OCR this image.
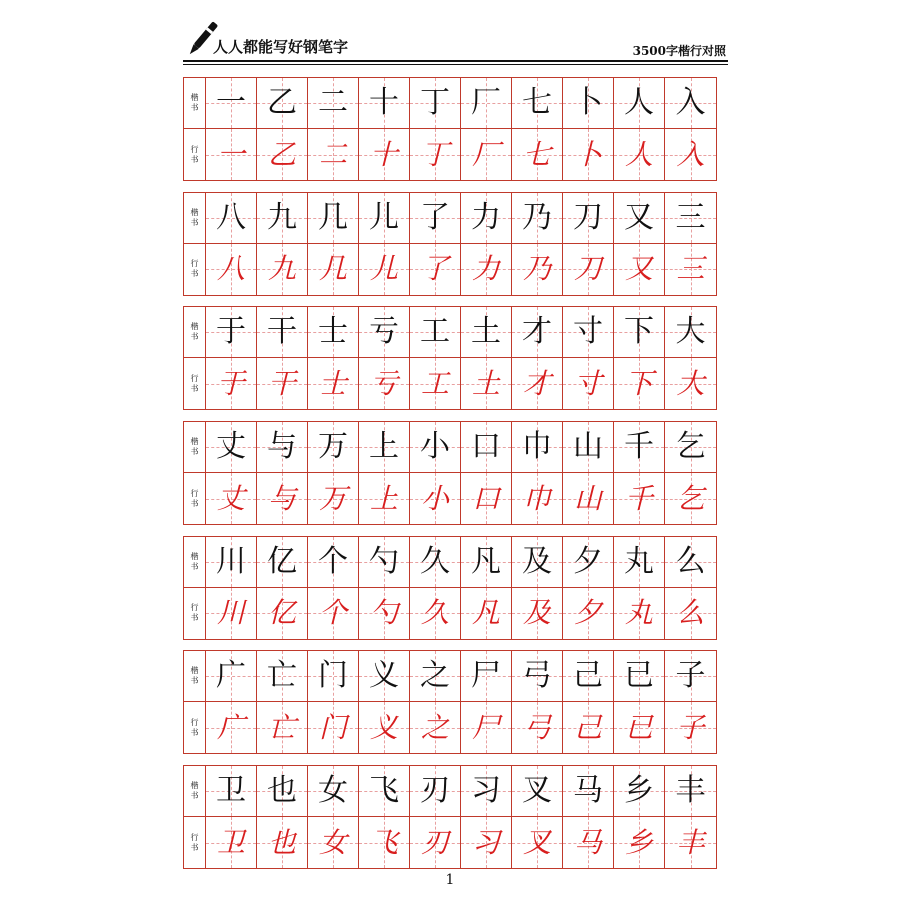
人人都能写好钢笔字	3500字楷行对照
楷
书 一 乙 二 十 丁 厂 七 卜 人 入
行
书 一 乙 二 十 丁 厂 七 卜 人 入
楷
书 八 九 几 儿 了 力 乃 刀 又 三
行
书 八 九 几 儿 了 力 乃 刀 又 三
楷
书 于 干 士 亏 工 土 才 寸 下 大
行
书 于 干 士 亏 工 土 才 寸 下 大
楷
书 丈 与 万 上 小 口 巾 山 千 乞
行
书 丈 与 万 上 小 口 巾 山 千 乞
楷
书 川 亿 个 勺 久 凡 及 夕 丸 么
行
书 川 亿 个 勺 久 凡 及 夕 丸 么
楷
书 广 亡 门 义 之 尸 弓 己 已 子
行
书 广 亡 门 义 之 尸 弓 己 已 子
楷
书 卫 也 女 飞 刃 习 叉 马 乡 丰
行
书 卫 也 女 飞 刃 习 叉 马 乡 丰
1
